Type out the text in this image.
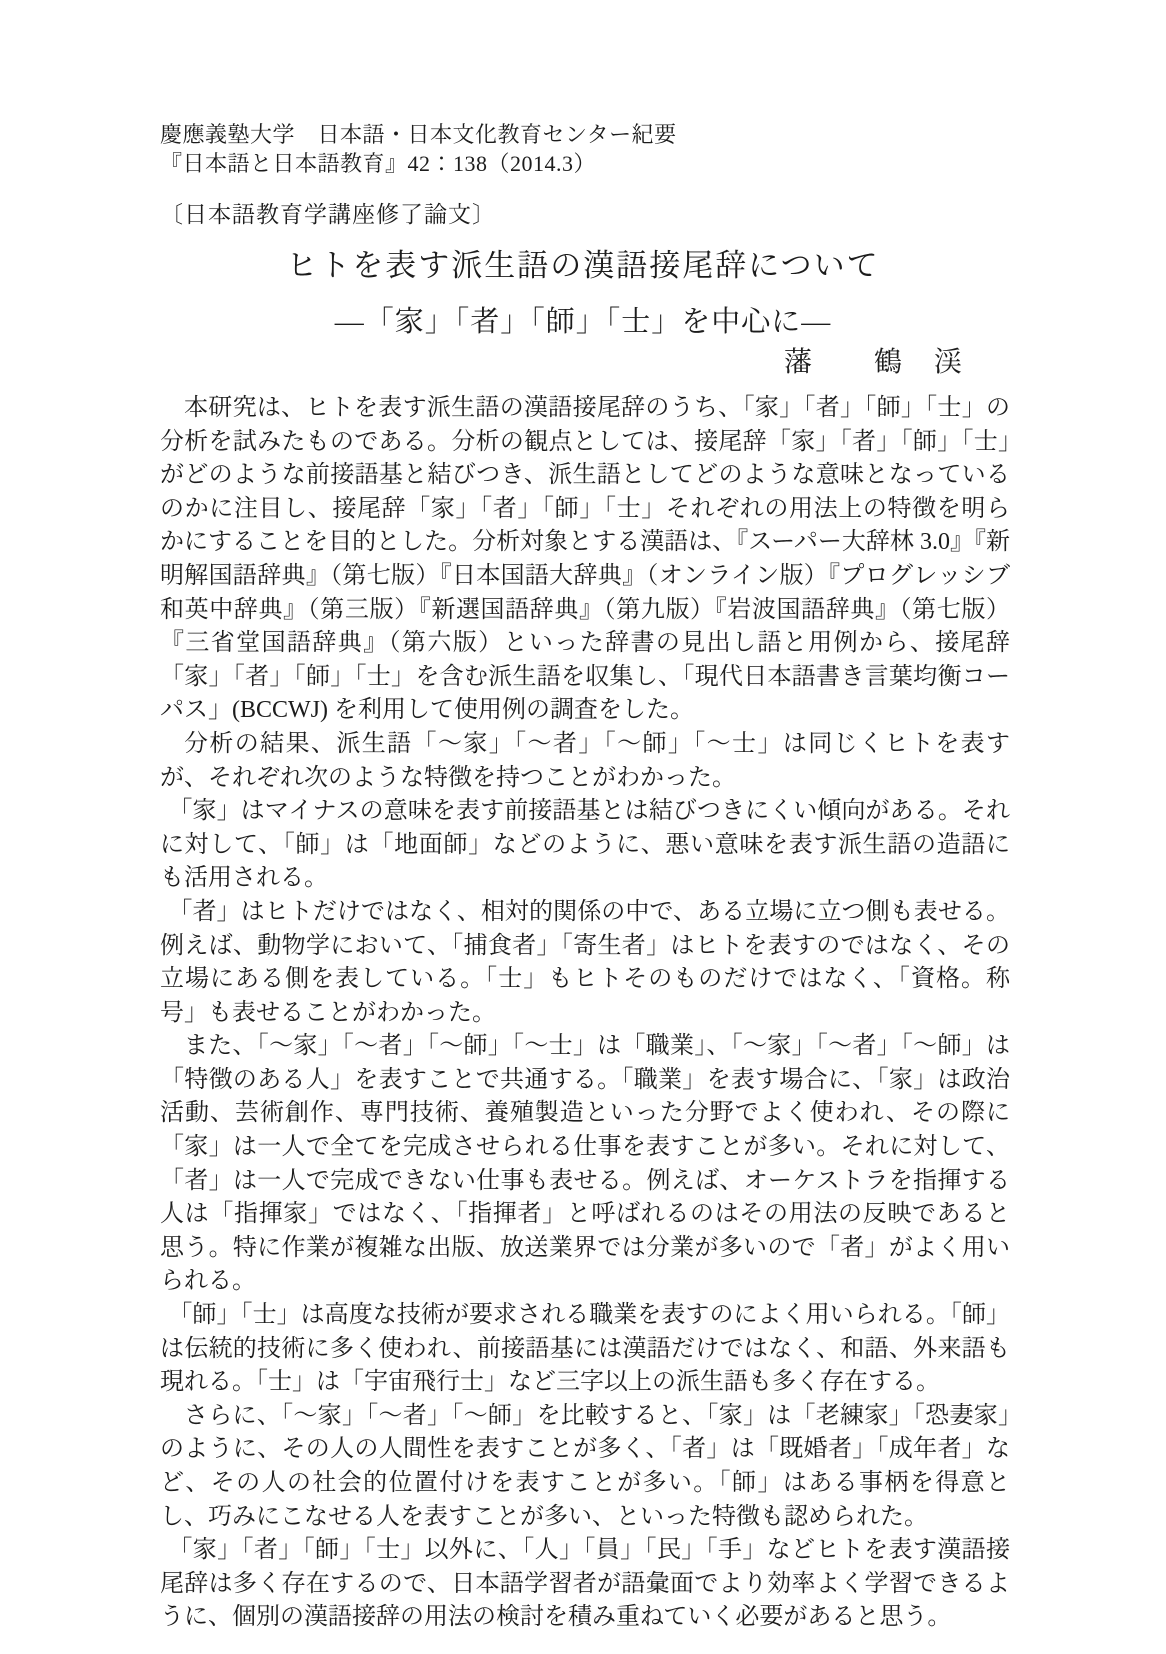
慶應義塾大学　日本語・日本文化教育センター紀要
『日本語と日本語教育』42：138（2014.3）
〔日本語教育学講座修了論文〕
ヒトを表す派生語の漢語接尾辞について
―「家」「者」「師」「士」を中心に―
藩　　鶴　渓

本研究は、ヒトを表す派生語の漢語接尾辞のうち、「家」「者」「師」「士」の分析を試みたものである。分析の観点としては、接尾辞「家」「者」「師」「士」がどのような前接語基と結びつき、派生語としてどのような意味となっているのかに注目し、接尾辞「家」「者」「師」「士」それぞれの用法上の特徴を明らかにすることを目的とした。分析対象とする漢語は、『スーパー大辞林 3.0』『新明解国語辞典』（第七版）『日本国語大辞典』（オンライン版）『プログレッシブ和英中辞典』（第三版）『新選国語辞典』（第九版）『岩波国語辞典』（第七版）『三省堂国語辞典』（第六版）といった辞書の見出し語と用例から、接尾辞「家」「者」「師」「士」を含む派生語を収集し、「現代日本語書き言葉均衡コーパス」(BCCWJ) を利用して使用例の調査をした。

分析の結果、派生語「～家」「～者」「～師」「～士」は同じくヒトを表すが、それぞれ次のような特徴を持つことがわかった。

「家」はマイナスの意味を表す前接語基とは結びつきにくい傾向がある。それに対して、「師」は「地面師」などのように、悪い意味を表す派生語の造語にも活用される。

「者」はヒトだけではなく、相対的関係の中で、ある立場に立つ側も表せる。例えば、動物学において、「捕食者」「寄生者」はヒトを表すのではなく、その立場にある側を表している。「士」もヒトそのものだけではなく、「資格。称号」も表せることがわかった。

また、「～家」「～者」「～師」「～士」は「職業」、「～家」「～者」「～師」は「特徴のある人」を表すことで共通する。「職業」を表す場合に、「家」は政治活動、芸術創作、専門技術、養殖製造といった分野でよく使われ、その際に「家」は一人で全てを完成させられる仕事を表すことが多い。それに対して、「者」は一人で完成できない仕事も表せる。例えば、オーケストラを指揮する人は「指揮家」ではなく、「指揮者」と呼ばれるのはその用法の反映であると思う。特に作業が複雑な出版、放送業界では分業が多いので「者」がよく用いられる。

「師」「士」は高度な技術が要求される職業を表すのによく用いられる。「師」は伝統的技術に多く使われ、前接語基には漢語だけではなく、和語、外来語も現れる。「士」は「宇宙飛行士」など三字以上の派生語も多く存在する。

さらに、「～家」「～者」「～師」を比較すると、「家」は「老練家」「恐妻家」のように、その人の人間性を表すことが多く、「者」は「既婚者」「成年者」など、その人の社会的位置付けを表すことが多い。「師」はある事柄を得意とし、巧みにこなせる人を表すことが多い、といった特徴も認められた。

「家」「者」「師」「士」以外に、「人」「員」「民」「手」などヒトを表す漢語接尾辞は多く存在するので、日本語学習者が語彙面でより効率よく学習できるように、個別の漢語接辞の用法の検討を積み重ねていく必要があると思う。
